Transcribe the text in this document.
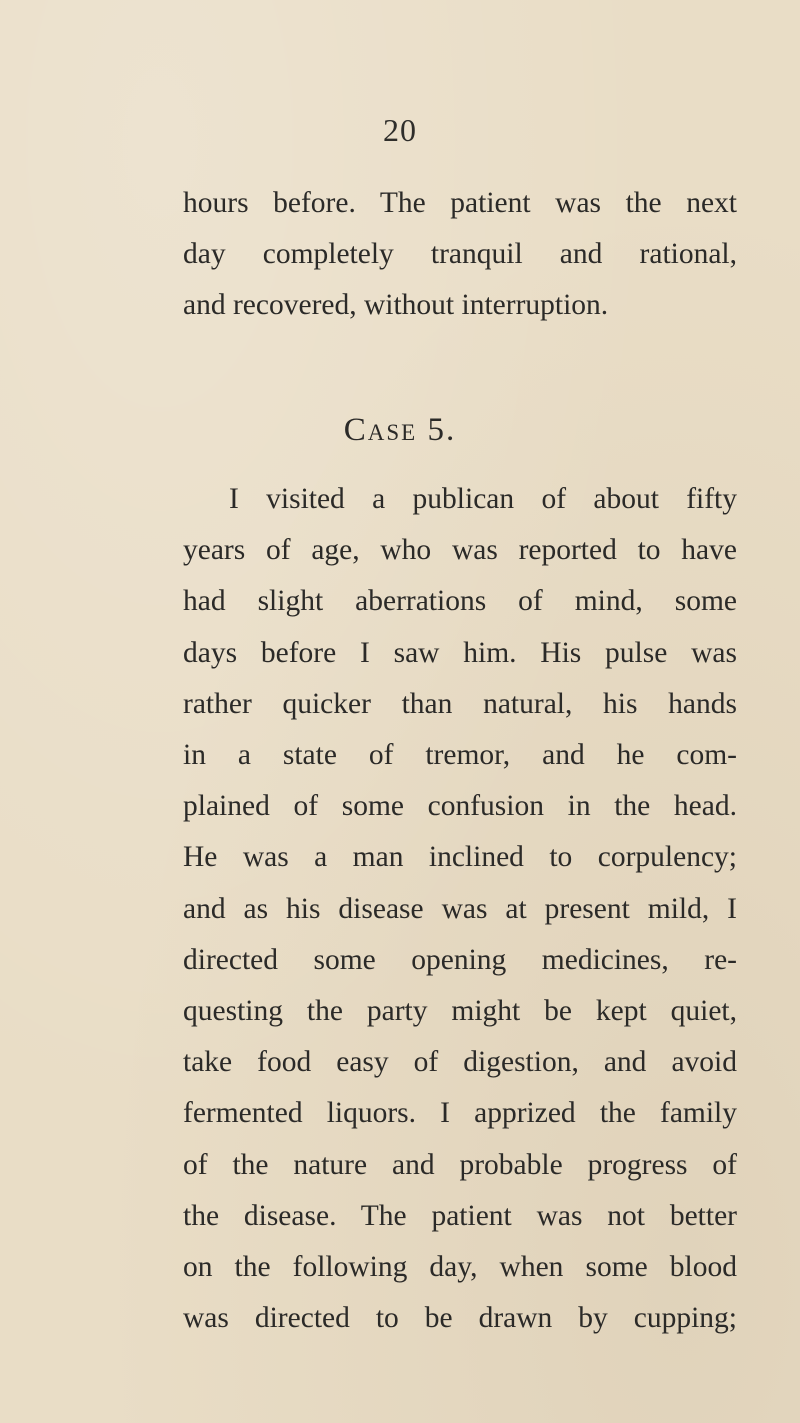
20
hours before. The patient was the next
day completely tranquil and rational,
and recovered, without interruption.
Case 5.
I visited a publican of about fifty
years of age, who was reported to have
had slight aberrations of mind, some
days before I saw him. His pulse was
rather quicker than natural, his hands
in a state of tremor, and he com-
plained of some confusion in the head.
He was a man inclined to corpulency;
and as his disease was at present mild, I
directed some opening medicines, re-
questing the party might be kept quiet,
take food easy of digestion, and avoid
fermented liquors. I apprized the family
of the nature and probable progress of
the disease. The patient was not better
on the following day, when some blood
was directed to be drawn by cupping;
